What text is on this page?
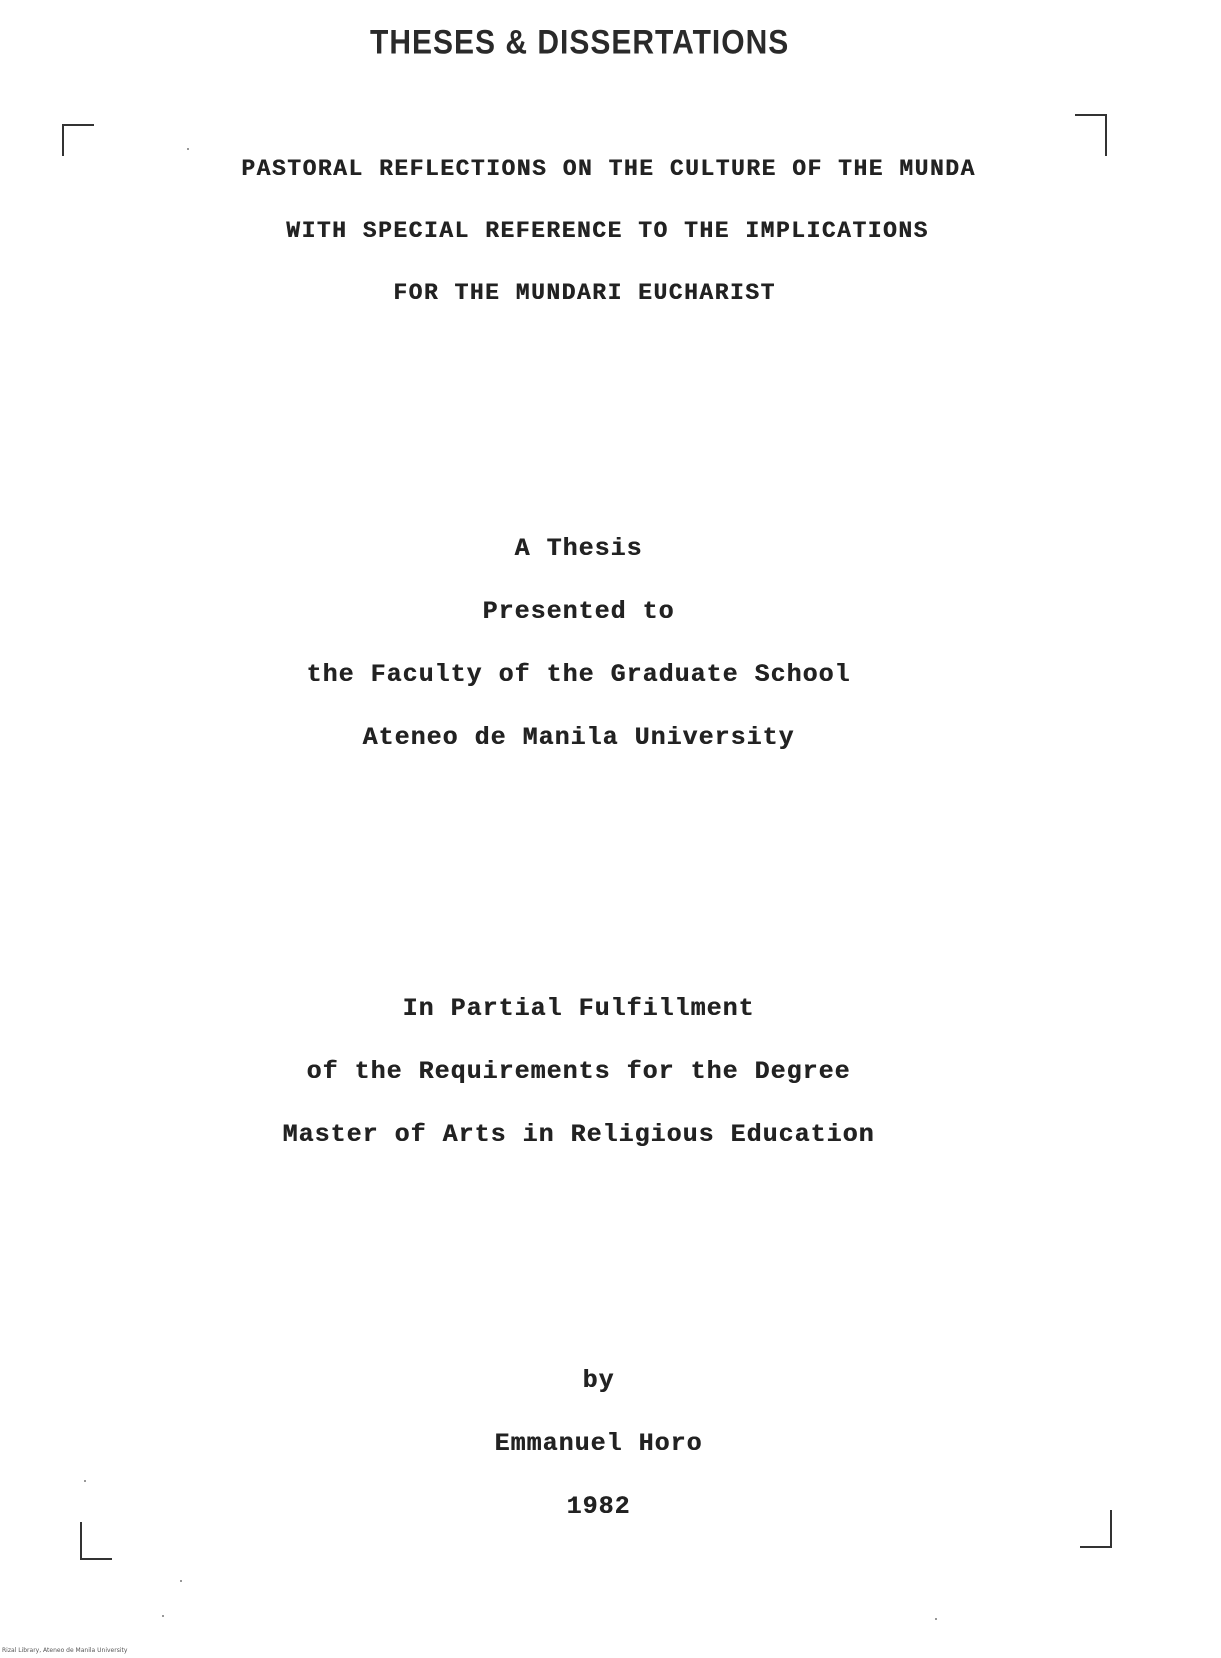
THESES & DISSERTATIONS
PASTORAL REFLECTIONS ON THE CULTURE OF THE MUNDA
WITH SPECIAL REFERENCE TO THE IMPLICATIONS
FOR THE MUNDARI EUCHARIST
A Thesis
Presented to
the Faculty of the Graduate School
Ateneo de Manila University
In Partial Fulfillment
of the Requirements for the Degree
Master of Arts in Religious Education
by
Emmanuel Horo
1982
Rizal Library, Ateneo de Manila University
